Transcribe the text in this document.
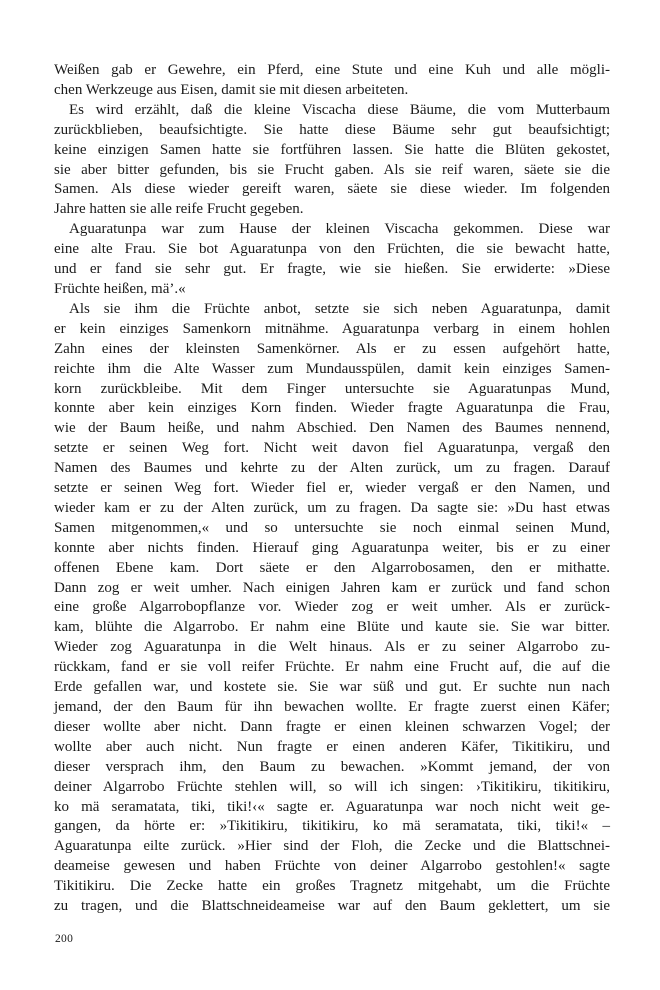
Weißen gab er Gewehre, ein Pferd, eine Stute und eine Kuh und alle mögli-
chen Werkzeuge aus Eisen, damit sie mit diesen arbeiteten.
Es wird erzählt, daß die kleine Viscacha diese Bäume, die vom Mutterbaum
zurückblieben, beaufsichtigte. Sie hatte diese Bäume sehr gut beaufsichtigt;
keine einzigen Samen hatte sie fortführen lassen. Sie hatte die Blüten gekostet,
sie aber bitter gefunden, bis sie Frucht gaben. Als sie reif waren, säete sie die
Samen. Als diese wieder gereift waren, säete sie diese wieder. Im folgenden
Jahre hatten sie alle reife Frucht gegeben.
Aguaratunpa war zum Hause der kleinen Viscacha gekommen. Diese war
eine alte Frau. Sie bot Aguaratunpa von den Früchten, die sie bewacht hatte,
und er fand sie sehr gut. Er fragte, wie sie hießen. Sie erwiderte: »Diese
Früchte heißen, mä’.«
Als sie ihm die Früchte anbot, setzte sie sich neben Aguaratunpa, damit
er kein einziges Samenkorn mitnähme. Aguaratunpa verbarg in einem hohlen
Zahn eines der kleinsten Samenkörner. Als er zu essen aufgehört hatte,
reichte ihm die Alte Wasser zum Mundausspülen, damit kein einziges Samen-
korn zurückbleibe. Mit dem Finger untersuchte sie Aguaratunpas Mund,
konnte aber kein einziges Korn finden. Wieder fragte Aguaratunpa die Frau,
wie der Baum heiße, und nahm Abschied. Den Namen des Baumes nennend,
setzte er seinen Weg fort. Nicht weit davon fiel Aguaratunpa, vergaß den
Namen des Baumes und kehrte zu der Alten zurück, um zu fragen. Darauf
setzte er seinen Weg fort. Wieder fiel er, wieder vergaß er den Namen, und
wieder kam er zu der Alten zurück, um zu fragen. Da sagte sie: »Du hast etwas
Samen mitgenommen,« und so untersuchte sie noch einmal seinen Mund,
konnte aber nichts finden. Hierauf ging Aguaratunpa weiter, bis er zu einer
offenen Ebene kam. Dort säete er den Algarrobosamen, den er mithatte.
Dann zog er weit umher. Nach einigen Jahren kam er zurück und fand schon
eine große Algarrobopflanze vor. Wieder zog er weit umher. Als er zurück-
kam, blühte die Algarrobo. Er nahm eine Blüte und kaute sie. Sie war bitter.
Wieder zog Aguaratunpa in die Welt hinaus. Als er zu seiner Algarrobo zu-
rückkam, fand er sie voll reifer Früchte. Er nahm eine Frucht auf, die auf die
Erde gefallen war, und kostete sie. Sie war süß und gut. Er suchte nun nach
jemand, der den Baum für ihn bewachen wollte. Er fragte zuerst einen Käfer;
dieser wollte aber nicht. Dann fragte er einen kleinen schwarzen Vogel; der
wollte aber auch nicht. Nun fragte er einen anderen Käfer, Tikitikiru, und
dieser versprach ihm, den Baum zu bewachen. »Kommt jemand, der von
deiner Algarrobo Früchte stehlen will, so will ich singen: ›Tikitikiru, tikitikiru,
ko mä seramatata, tiki, tiki!‹« sagte er. Aguaratunpa war noch nicht weit ge-
gangen, da hörte er: »Tikitikiru, tikitikiru, ko mä seramatata, tiki, tiki!« –
Aguaratunpa eilte zurück. »Hier sind der Floh, die Zecke und die Blattschnei-
deameise gewesen und haben Früchte von deiner Algarrobo gestohlen!« sagte
Tikitikiru. Die Zecke hatte ein großes Tragnetz mitgehabt, um die Früchte
zu tragen, und die Blattschneideameise war auf den Baum geklettert, um sie
200
